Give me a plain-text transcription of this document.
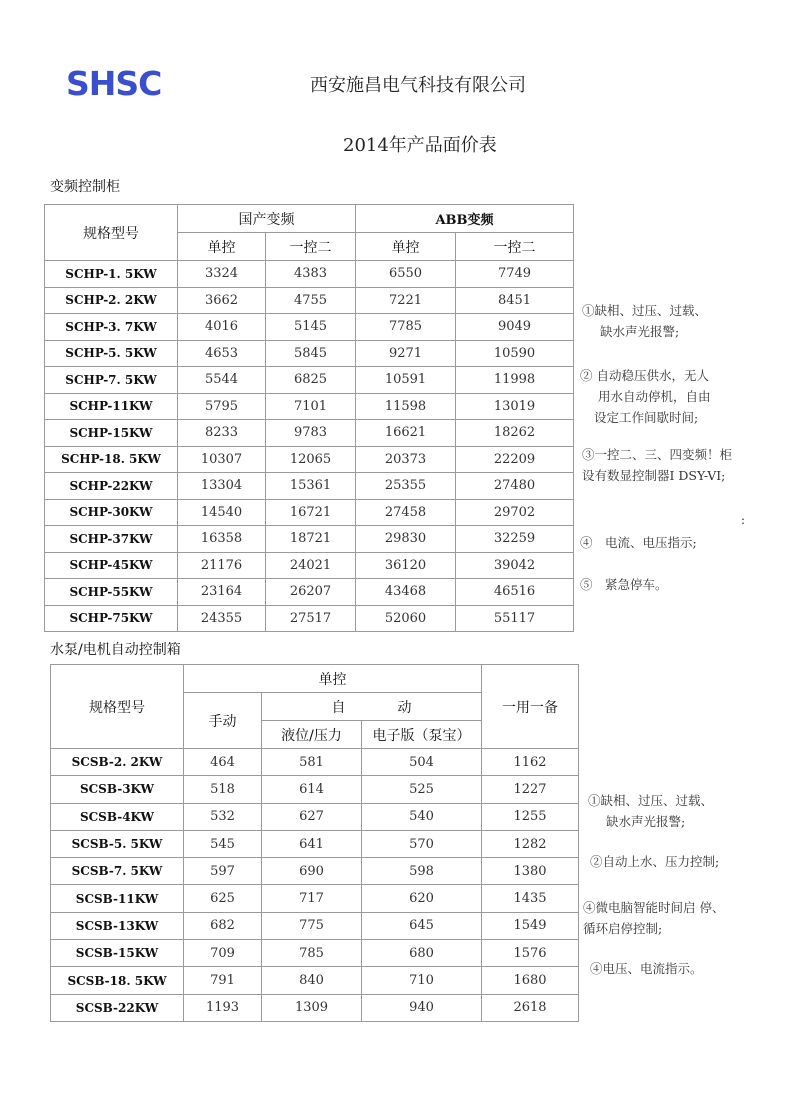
SHSC	西安施昌电气科技有限公司
2014年产品面价表
变频控制柜
规格型号	国产变频		ABB变频	
	单控	一控二	单控	一控二
SCHP-1. 5KW	3324	4383	6550	7749
SCHP-2. 2KW	3662	4755	7221	8451
SCHP-3. 7KW	4016	5145	7785	9049
SCHP-5. 5KW	4653	5845	9271	10590
SCHP-7. 5KW	5544	6825	10591	11998
SCHP-11KW	5795	7101	11598	13019
SCHP-15KW	8233	9783	16621	18262
SCHP-18. 5KW	10307	12065	20373	22209
SCHP-22KW	13304	15361	25355	27480
SCHP-30KW	14540	16721	27458	29702
SCHP-37KW	16358	18721	29830	32259
SCHP-45KW	21176	24021	36120	39042
SCHP-55KW	23164	26207	43468	46516
SCHP-75KW	24355	27517	52060	55117
①缺相、过压、过载、
缺水声光报警;
② 自动稳压供水，无人
用水自动停机，自由
设定工作间歇时间;
③一控二、三、四变频！柜
设有数显控制器I DSY-VI;
:
④　电流、电压指示;
⑤　紧急停车。
水泵/电机自动控制箱
规格型号	单控			一用一备
	手动	自 动		
		液位/压力	电子版（泵宝）	
SCSB-2. 2KW	464	581	504	1162
SCSB-3KW	518	614	525	1227
SCSB-4KW	532	627	540	1255
SCSB-5. 5KW	545	641	570	1282
SCSB-7. 5KW	597	690	598	1380
SCSB-11KW	625	717	620	1435
SCSB-13KW	682	775	645	1549
SCSB-15KW	709	785	680	1576
SCSB-18. 5KW	791	840	710	1680
SCSB-22KW	1193	1309	940	2618
①缺相、过压、过载、
缺水声光报警;
②自动上水、压力控制;
④微电脑智能时间启 停、
循环启停控制;
④电压、电流指示。
